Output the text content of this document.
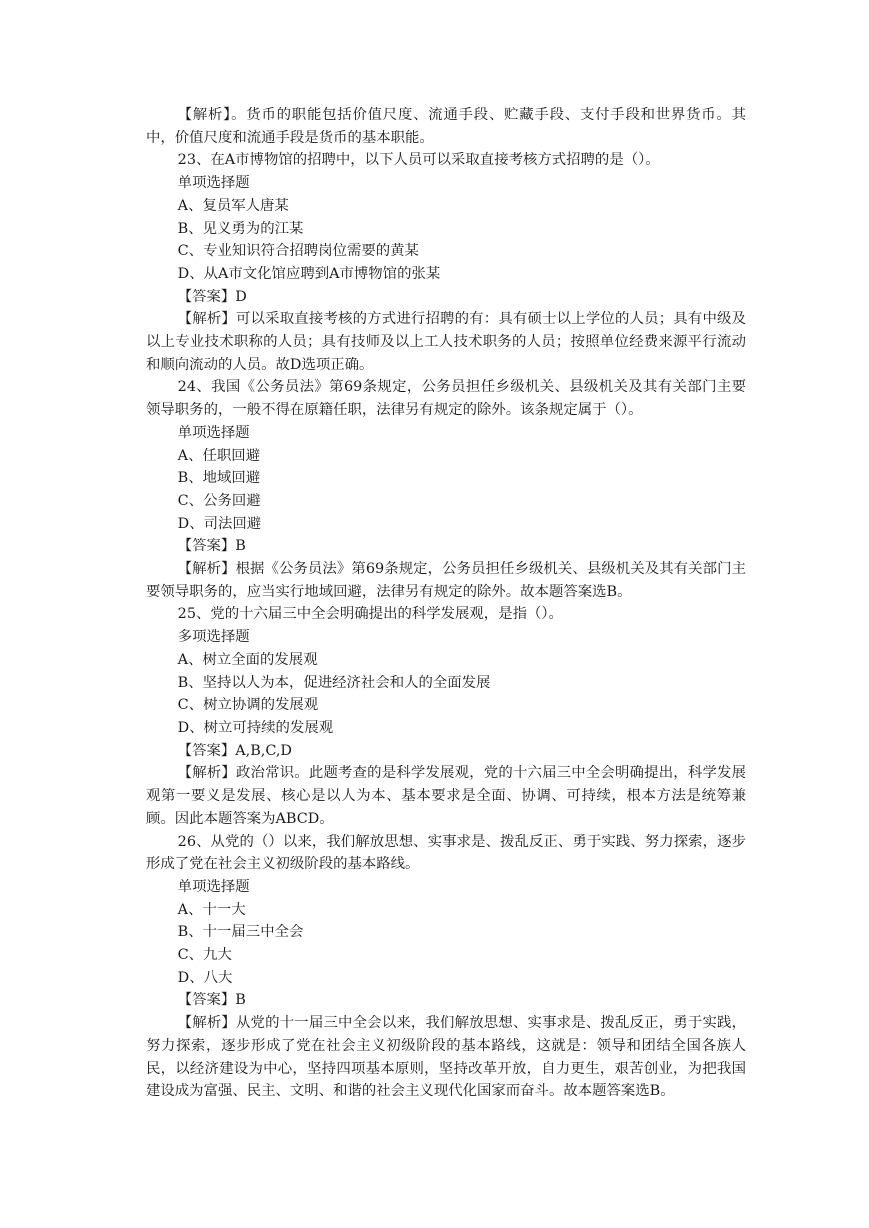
【解析】。货币的职能包括价值尺度、流通手段、贮藏手段、支付手段和世界货币。其中，价值尺度和流通手段是货币的基本职能。

23、在A市博物馆的招聘中，以下人员可以采取直接考核方式招聘的是（）。

单项选择题

A、复员军人唐某

B、见义勇为的江某

C、专业知识符合招聘岗位需要的黄某

D、从A市文化馆应聘到A市博物馆的张某

【答案】D

【解析】可以采取直接考核的方式进行招聘的有：具有硕士以上学位的人员；具有中级及以上专业技术职称的人员；具有技师及以上工人技术职务的人员；按照单位经费来源平行流动和顺向流动的人员。故D选项正确。

24、我国《公务员法》第69条规定，公务员担任乡级机关、县级机关及其有关部门主要领导职务的，一般不得在原籍任职，法律另有规定的除外。该条规定属于（）。

单项选择题

A、任职回避

B、地域回避

C、公务回避

D、司法回避

【答案】B

【解析】根据《公务员法》第69条规定，公务员担任乡级机关、县级机关及其有关部门主要领导职务的，应当实行地域回避，法律另有规定的除外。故本题答案选B。

25、党的十六届三中全会明确提出的科学发展观，是指（）。

多项选择题

A、树立全面的发展观

B、坚持以人为本，促进经济社会和人的全面发展

C、树立协调的发展观

D、树立可持续的发展观

【答案】A,B,C,D

【解析】政治常识。此题考查的是科学发展观，党的十六届三中全会明确提出，科学发展观第一要义是发展、核心是以人为本、基本要求是全面、协调、可持续，根本方法是统筹兼顾。因此本题答案为ABCD。

26、从党的（）以来，我们解放思想、实事求是、拨乱反正、勇于实践、努力探索，逐步形成了党在社会主义初级阶段的基本路线。

单项选择题

A、十一大

B、十一届三中全会

C、九大

D、八大

【答案】B

【解析】从党的十一届三中全会以来，我们解放思想、实事求是、拨乱反正，勇于实践，努力探索，逐步形成了党在社会主义初级阶段的基本路线，这就是：领导和团结全国各族人民，以经济建设为中心，坚持四项基本原则，坚持改革开放，自力更生，艰苦创业，为把我国建设成为富强、民主、文明、和谐的社会主义现代化国家而奋斗。故本题答案选B。
